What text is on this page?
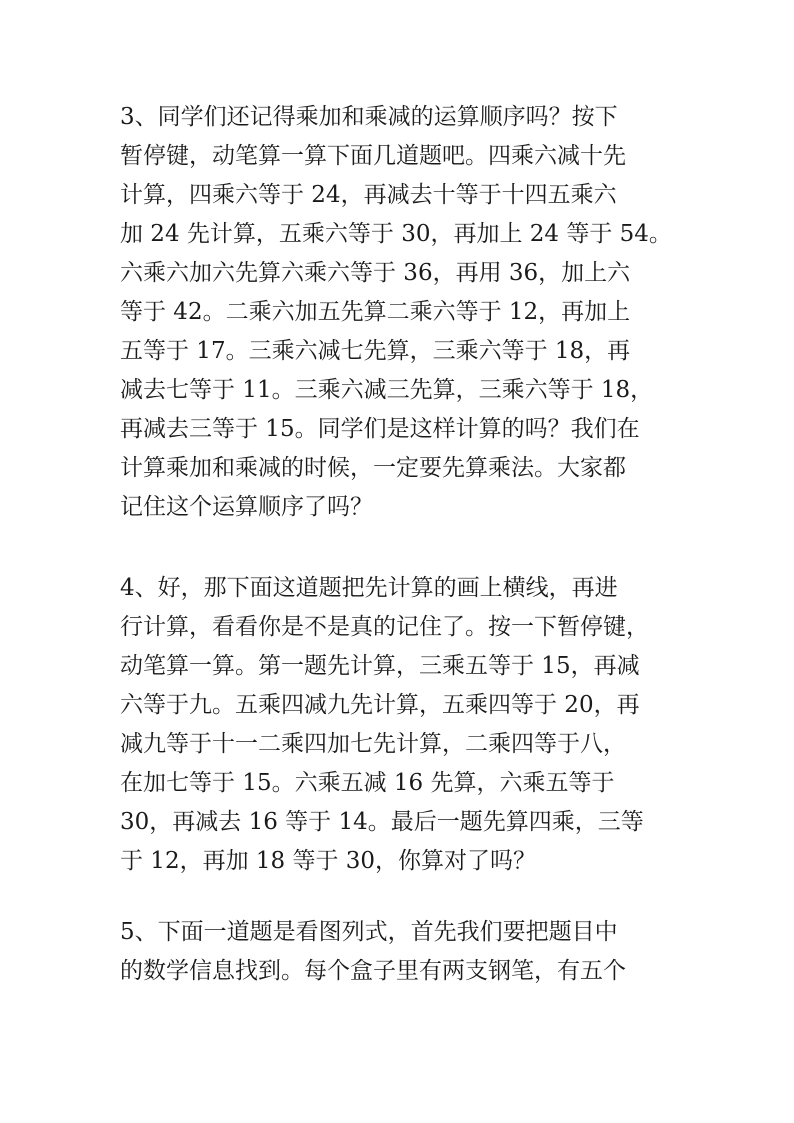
3、同学们还记得乘加和乘减的运算顺序吗？按下
暂停键，动笔算一算下面几道题吧。四乘六减十先
计算，四乘六等于 24，再减去十等于十四五乘六
加 24 先计算，五乘六等于 30，再加上 24 等于 54。
六乘六加六先算六乘六等于 36，再用 36，加上六
等于 42。二乘六加五先算二乘六等于 12，再加上
五等于 17。三乘六减七先算，三乘六等于 18，再
减去七等于 11。三乘六减三先算，三乘六等于 18，
再减去三等于 15。同学们是这样计算的吗？我们在
计算乘加和乘减的时候，一定要先算乘法。大家都
记住这个运算顺序了吗？
4、好，那下面这道题把先计算的画上横线，再进
行计算，看看你是不是真的记住了。按一下暂停键，
动笔算一算。第一题先计算，三乘五等于 15，再减
六等于九。五乘四减九先计算，五乘四等于 20，再
减九等于十一二乘四加七先计算，二乘四等于八，
在加七等于 15。六乘五减 16 先算，六乘五等于
30，再减去 16 等于 14。最后一题先算四乘，三等
于 12，再加 18 等于 30，你算对了吗？
5、下面一道题是看图列式，首先我们要把题目中
的数学信息找到。每个盒子里有两支钢笔，有五个
